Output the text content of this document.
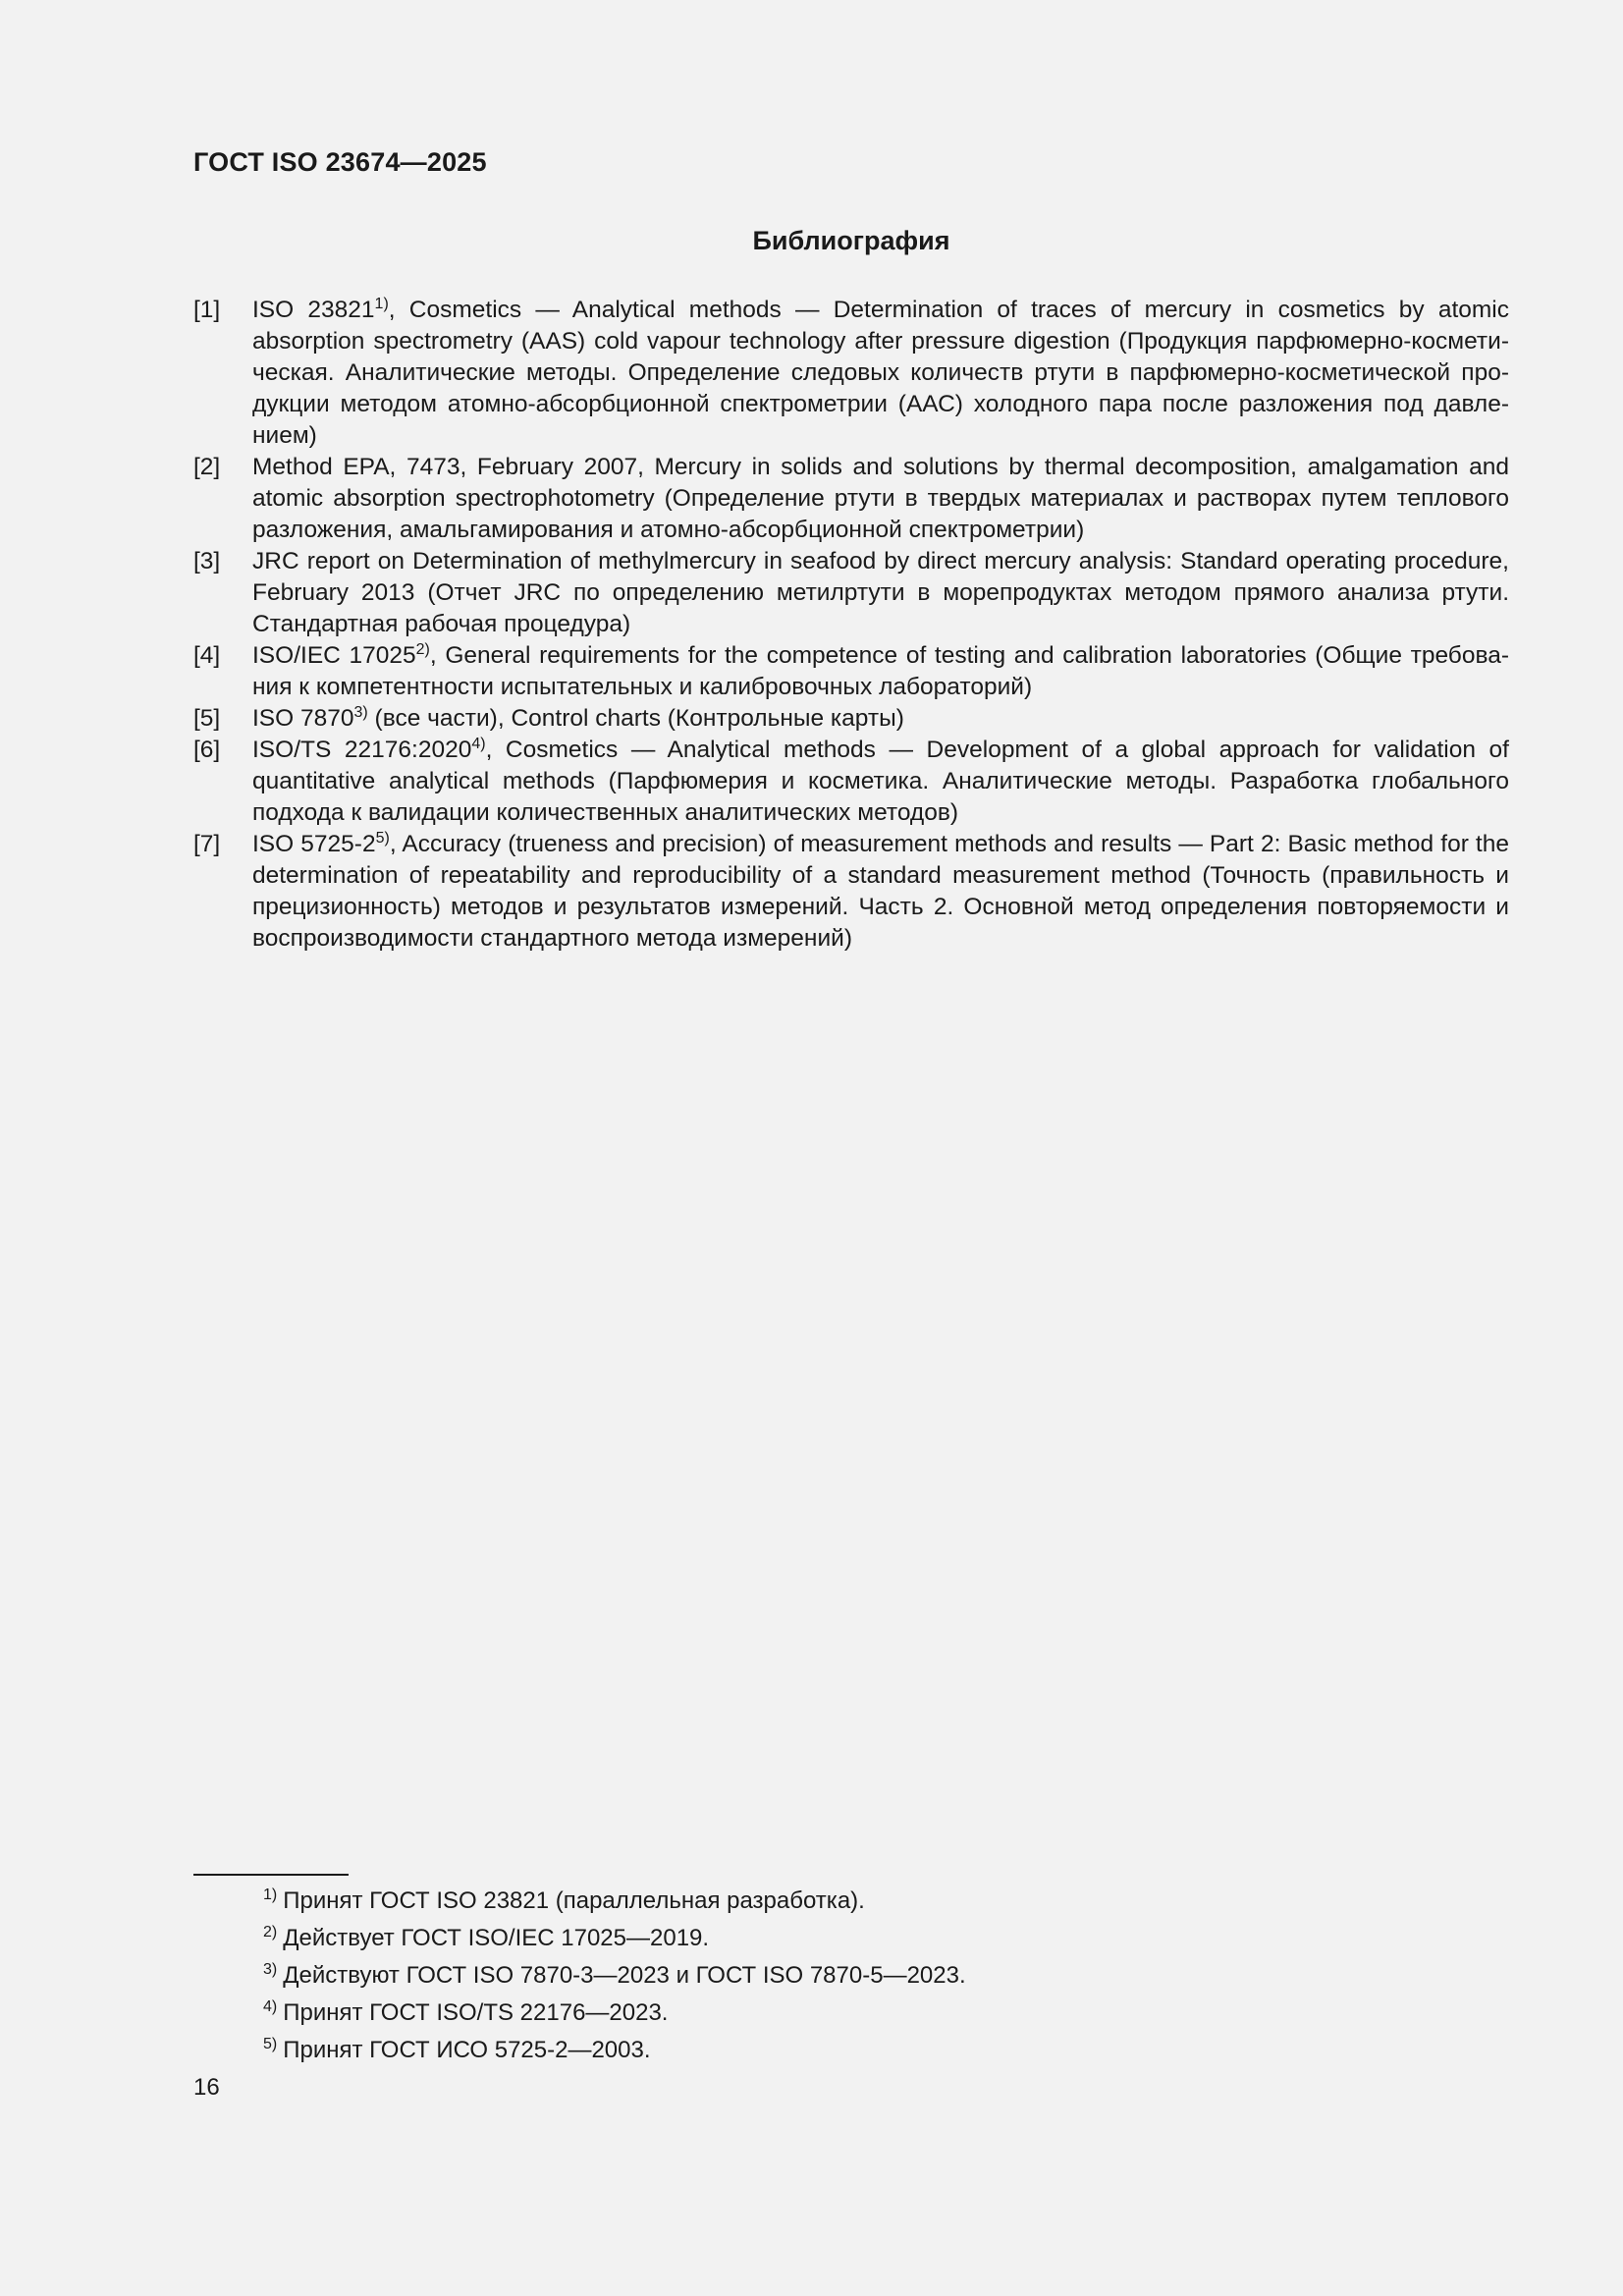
ГОСТ ISO 23674—2025
Библиография
[1]	ISO 23821$^{1)}$, Cosmetics — Analytical methods — Determination of traces of mercury in cosmetics by atomic absorption spectrometry (AAS) cold vapour technology after pressure digestion (Продукция парфюмерно-косметическая. Аналитические методы. Определение следовых количеств ртути в парфюмерно-косметической продукции методом атомно-абсорбционной спектрометрии (ААС) холодного пара после разложения под давлением)
[2]	Method EPA, 7473, February 2007, Mercury in solids and solutions by thermal decomposition, amalgamation and atomic absorption spectrophotometry (Определение ртути в твердых материалах и растворах путем теплового разложения, амальгамирования и атомно-абсорбционной спектрометрии)
[3]	JRC report on Determination of methylmercury in seafood by direct mercury analysis: Standard operating procedure, February 2013 (Отчет JRC по определению метилртути в морепродуктах методом прямого анализа ртути. Стандартная рабочая процедура)
[4]	ISO/IEC 17025$^{2)}$, General requirements for the competence of testing and calibration laboratories (Общие требования к компетентности испытательных и калибровочных лабораторий)
[5]	ISO 7870$^{3)}$ (все части), Control charts (Контрольные карты)
[6]	ISO/TS 22176:2020$^{4)}$, Cosmetics — Analytical methods — Development of a global approach for validation of quantitative analytical methods (Парфюмерия и косметика. Аналитические методы. Разработка глобального подхода к валидации количественных аналитических методов)
[7]	ISO 5725-2$^{5)}$, Accuracy (trueness and precision) of measurement methods and results — Part 2: Basic method for the determination of repeatability and reproducibility of a standard measurement method (Точность (правильность и прецизионность) методов и результатов измерений. Часть 2. Основной метод определения повторяемости и воспроизводимости стандартного метода измерений)
$^{1)}$ Принят ГОСТ ISO 23821 (параллельная разработка).
$^{2)}$ Действует ГОСТ ISO/IEC 17025—2019.
$^{3)}$ Действуют ГОСТ ISO 7870-3—2023 и ГОСТ ISO 7870-5—2023.
$^{4)}$ Принят ГОСТ ISO/TS 22176—2023.
$^{5)}$ Принят ГОСТ ИСО 5725-2—2003.
16
